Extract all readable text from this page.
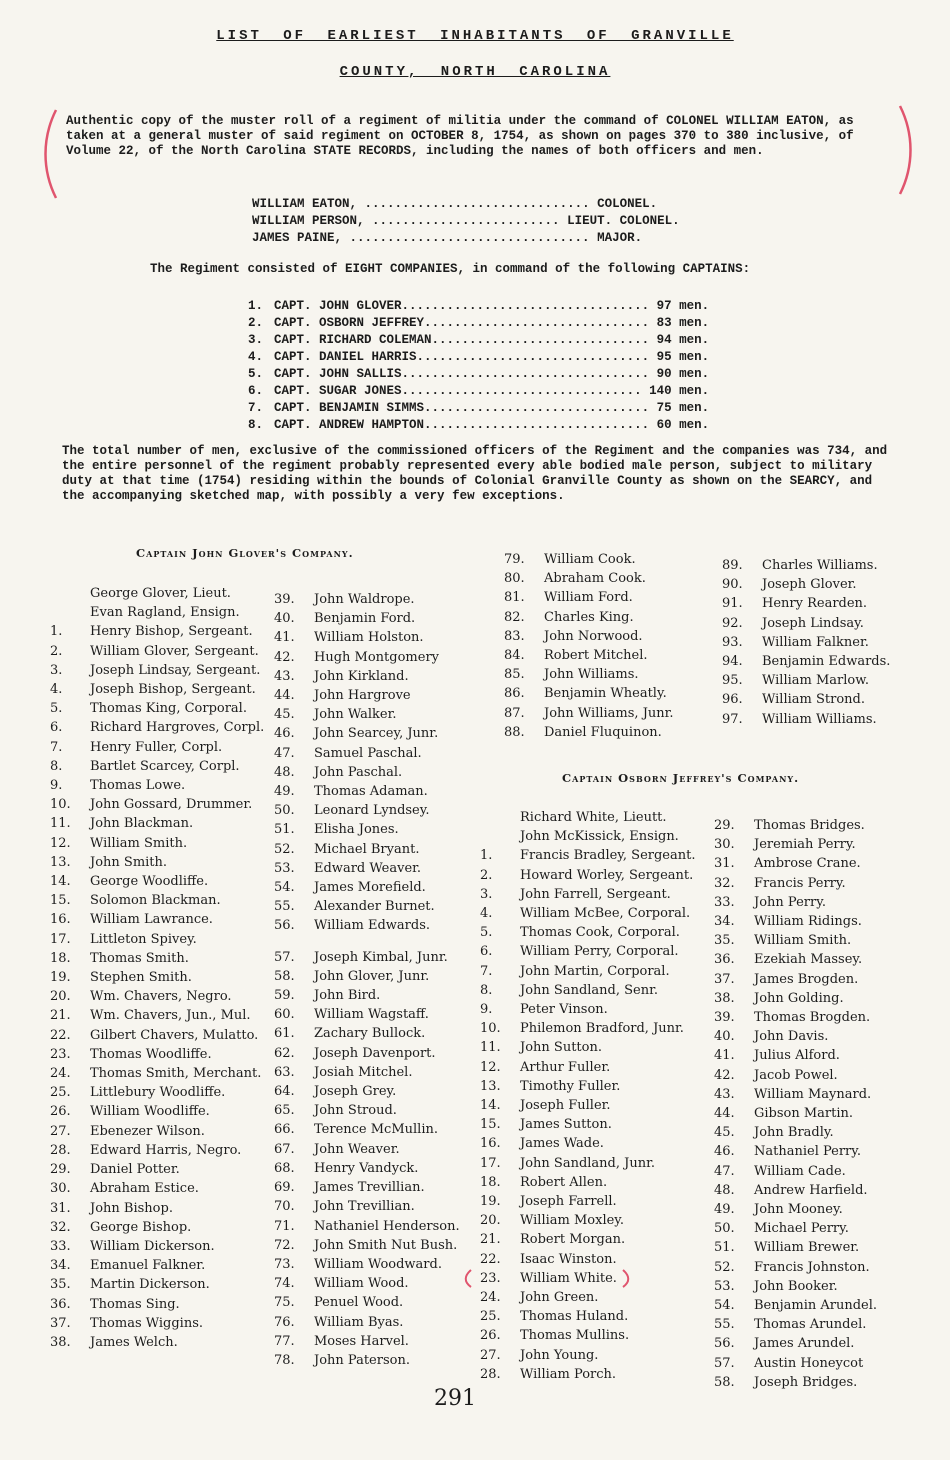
LIST OF EARLIEST INHABITANTS OF GRANVILLE
COUNTY, NORTH CAROLINA

Authentic copy of the muster roll of a regiment of militia under the command of COLONEL WILLIAM EATON, as taken at a general muster of said regiment on OCTOBER 8, 1754, as shown on pages 370 to 380 inclusive, of Volume 22, of the North Carolina STATE RECORDS, including the names of both officers and men.

WILLIAM EATON, .............................. COLONEL.
WILLIAM PERSON, ......................... LIEUT. COLONEL.
JAMES PAINE, ................................ MAJOR.
The Regiment consisted of EIGHT COMPANIES, in command of the following CAPTAINS:
1. CAPT. JOHN GLOVER................................. 97 men.
2. CAPT. OSBORN JEFFREY.............................. 83 men.
3. CAPT. RICHARD COLEMAN............................. 94 men.
4. CAPT. DANIEL HARRIS............................... 95 men.
5. CAPT. JOHN SALLIS................................. 90 men.
6. CAPT. SUGAR JONES................................ 140 men.
7. CAPT. BENJAMIN SIMMS.............................. 75 men.
8. CAPT. ANDREW HAMPTON.............................. 60 men.

The total number of men, exclusive of the commissioned officers of the Regiment and the companies was 734, and the entire personnel of the regiment probably represented every able bodied male person, subject to military duty at that time (1754) residing within the bounds of Colonial Granville County as shown on the SEARCY, and the accompanying sketched map, with possibly a very few exceptions.

Captain John Glover's Company.
George Glover, Lieut.
Evan Ragland, Ensign.
1. Henry Bishop, Sergeant.
2. William Glover, Sergeant.
3. Joseph Lindsay, Sergeant.
4. Joseph Bishop, Sergeant.
5. Thomas King, Corporal.
6. Richard Hargroves, Corpl.
7. Henry Fuller, Corpl.
8. Bartlet Scarcey, Corpl.
9. Thomas Lowe.
10. John Gossard, Drummer.
11. John Blackman.
12. William Smith.
13. John Smith.
14. George Woodliffe.
15. Solomon Blackman.
16. William Lawrance.
17. Littleton Spivey.
18. Thomas Smith.
19. Stephen Smith.
20. Wm. Chavers, Negro.
21. Wm. Chavers, Jun., Mul.
22. Gilbert Chavers, Mulatto.
23. Thomas Woodliffe.
24. Thomas Smith, Merchant.
25. Littlebury Woodliffe.
26. William Woodliffe.
27. Ebenezer Wilson.
28. Edward Harris, Negro.
29. Daniel Potter.
30. Abraham Estice.
31. John Bishop.
32. George Bishop.
33. William Dickerson.
34. Emanuel Falkner.
35. Martin Dickerson.
36. Thomas Sing.
37. Thomas Wiggins.
38. James Welch.
39. John Waldrope.
40. Benjamin Ford.
41. William Holston.
42. Hugh Montgomery
43. John Kirkland.
44. John Hargrove
45. John Walker.
46. John Searcey, Junr.
47. Samuel Paschal.
48. John Paschal.
49. Thomas Adaman.
50. Leonard Lyndsey.
51. Elisha Jones.
52. Michael Bryant.
53. Edward Weaver.
54. James Morefield.
55. Alexander Burnet.
56. William Edwards.
57. Joseph Kimbal, Junr.
58. John Glover, Junr.
59. John Bird.
60. William Wagstaff.
61. Zachary Bullock.
62. Joseph Davenport.
63. Josiah Mitchel.
64. Joseph Grey.
65. John Stroud.
66. Terence McMullin.
67. John Weaver.
68. Henry Vandyck.
69. James Trevillian.
70. John Trevillian.
71. Nathaniel Henderson.
72. John Smith Nut Bush.
73. William Woodward.
74. William Wood.
75. Penuel Wood.
76. William Byas.
77. Moses Harvel.
78. John Paterson.
79. William Cook.
80. Abraham Cook.
81. William Ford.
82. Charles King.
83. John Norwood.
84. Robert Mitchel.
85. John Williams.
86. Benjamin Wheatly.
87. John Williams, Junr.
88. Daniel Fluquinon.
89. Charles Williams.
90. Joseph Glover.
91. Henry Rearden.
92. Joseph Lindsay.
93. William Falkner.
94. Benjamin Edwards.
95. William Marlow.
96. William Strond.
97. William Williams.
Captain Osborn Jeffrey's Company.
Richard White, Lieutt.
John McKissick, Ensign.
1. Francis Bradley, Sergeant.
2. Howard Worley, Sergeant.
3. John Farrell, Sergeant.
4. William McBee, Corporal.
5. Thomas Cook, Corporal.
6. William Perry, Corporal.
7. John Martin, Corporal.
8. John Sandland, Senr.
9. Peter Vinson.
10. Philemon Bradford, Junr.
11. John Sutton.
12. Arthur Fuller.
13. Timothy Fuller.
14. Joseph Fuller.
15. James Sutton.
16. James Wade.
17. John Sandland, Junr.
18. Robert Allen.
19. Joseph Farrell.
20. William Moxley.
21. Robert Morgan.
22. Isaac Winston.
23. William White.
24. John Green.
25. Thomas Huland.
26. Thomas Mullins.
27. John Young.
28. William Porch.
29. Thomas Bridges.
30. Jeremiah Perry.
31. Ambrose Crane.
32. Francis Perry.
33. John Perry.
34. William Ridings.
35. William Smith.
36. Ezekiah Massey.
37. James Brogden.
38. John Golding.
39. Thomas Brogden.
40. John Davis.
41. Julius Alford.
42. Jacob Powel.
43. William Maynard.
44. Gibson Martin.
45. John Bradly.
46. Nathaniel Perry.
47. William Cade.
48. Andrew Harfield.
49. John Mooney.
50. Michael Perry.
51. William Brewer.
52. Francis Johnston.
53. John Booker.
54. Benjamin Arundel.
55. Thomas Arundel.
56. James Arundel.
57. Austin Honeycot
58. Joseph Bridges.
291
